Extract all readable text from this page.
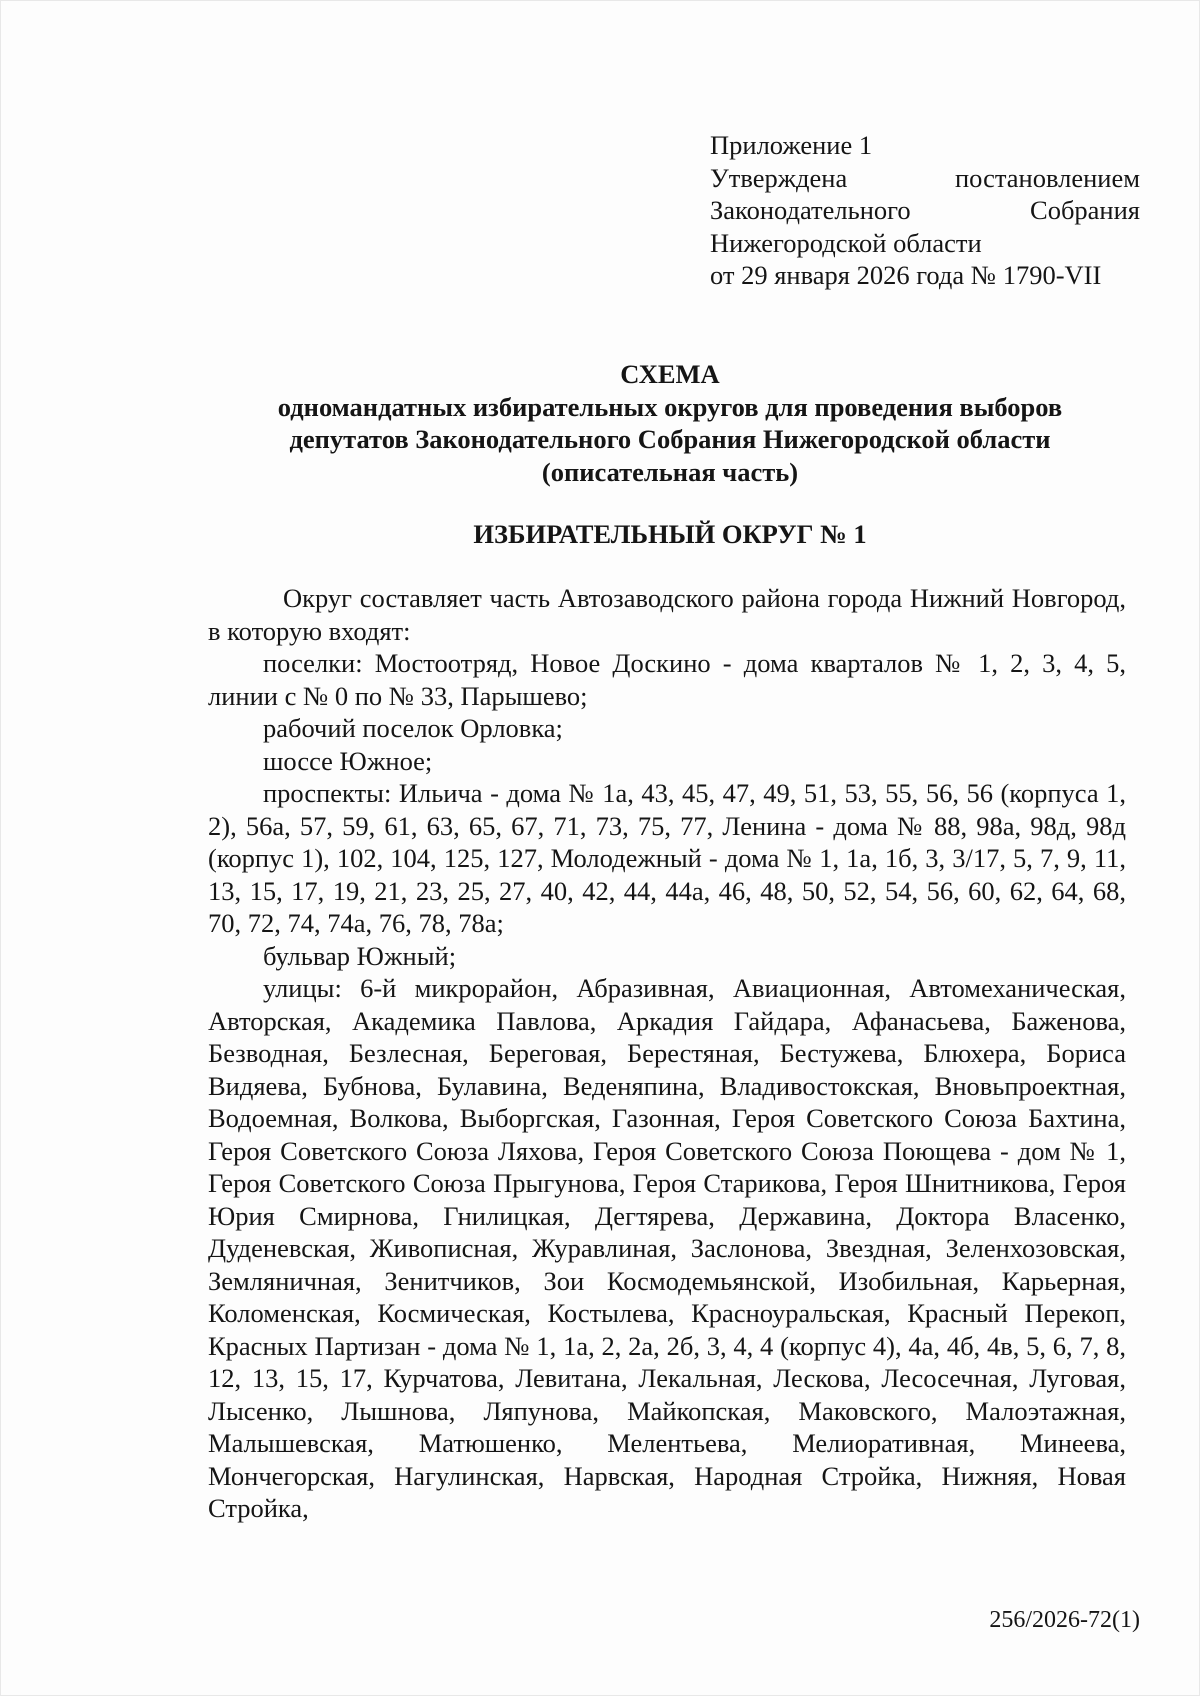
Приложение 1
Утверждена	постановлением
Законодательного	Собрания
Нижегородской области
от 29 января 2026 года № 1790-VII
СХЕМА
одномандатных избирательных округов для проведения выборов
депутатов Законодательного Собрания Нижегородской области
(описательная часть)
ИЗБИРАТЕЛЬНЫЙ ОКРУГ № 1

Округ составляет часть Автозаводского района города Нижний Новгород, в которую входят:

поселки: Мостоотряд, Новое Доскино - дома кварталов № 1, 2, 3, 4, 5, линии с № 0 по № 33, Парышево;

рабочий поселок Орловка;

шоссе Южное;

проспекты: Ильича - дома № 1а, 43, 45, 47, 49, 51, 53, 55, 56, 56 (корпуса 1, 2), 56а, 57, 59, 61, 63, 65, 67, 71, 73, 75, 77, Ленина - дома № 88, 98а, 98д, 98д (корпус 1), 102, 104, 125, 127, Молодежный - дома № 1, 1а, 1б, 3, 3/17, 5, 7, 9, 11, 13, 15, 17, 19, 21, 23, 25, 27, 40, 42, 44, 44а, 46, 48, 50, 52, 54, 56, 60, 62, 64, 68, 70, 72, 74, 74а, 76, 78, 78а;

бульвар Южный;

улицы: 6-й микрорайон, Абразивная, Авиационная, Автомеханическая, Авторская, Академика Павлова, Аркадия Гайдара, Афанасьева, Баженова, Безводная, Безлесная, Береговая, Берестяная, Бестужева, Блюхера, Бориса Видяева, Бубнова, Булавина, Веденяпина, Владивостокская, Вновьпроектная, Водоемная, Волкова, Выборгская, Газонная, Героя Советского Союза Бахтина, Героя Советского Союза Ляхова, Героя Советского Союза Поющева - дом № 1, Героя Советского Союза Прыгунова, Героя Старикова, Героя Шнитникова, Героя Юрия Смирнова, Гнилицкая, Дегтярева, Державина, Доктора Власенко, Дуденевская, Живописная, Журавлиная, Заслонова, Звездная, Зеленхозовская, Земляничная, Зенитчиков, Зои Космодемьянской, Изобильная, Карьерная, Коломенская, Космическая, Костылева, Красноуральская, Красный Перекоп, Красных Партизан - дома № 1, 1а, 2, 2а, 2б, 3, 4, 4 (корпус 4), 4а, 4б, 4в, 5, 6, 7, 8, 12, 13, 15, 17, Курчатова, Левитана, Лекальная, Лескова, Лесосечная, Луговая, Лысенко, Лышнова, Ляпунова, Майкопская, Маковского, Малоэтажная, Малышевская, Матюшенко, Мелентьева, Мелиоративная, Минеева, Мончегорская, Нагулинская, Нарвская, Народная Стройка, Нижняя, Новая Стройка,

256/2026-72(1)
